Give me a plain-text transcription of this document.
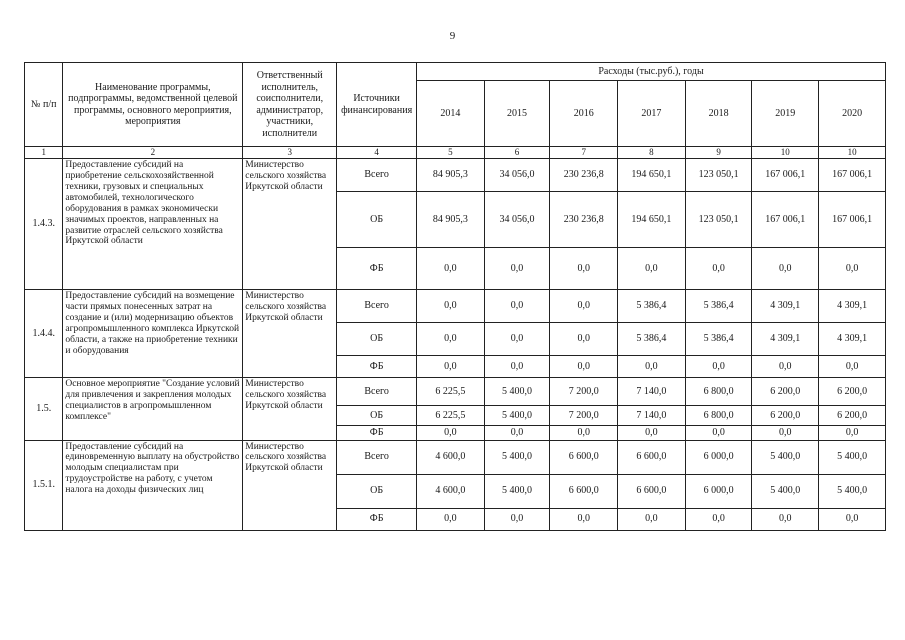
9
№ п/п	Наименование программы, подпрограммы, ведомственной целевой программы, основного мероприятия, мероприятия	Ответственный исполнитель, соисполнители, администратор, участники, исполнители	Источники финансирования	Расходы (тыс.руб.), годы						
				2014	2015	2016	2017	2018	2019	2020
1	2	3	4	5	6	7	8	9	10	10
1.4.3.	Предоставление субсидий на приобретение сельскохозяйственной техники, грузовых и специальных автомобилей, технологического оборудования в рамках экономически значимых проектов, направленных на развитие отраслей сельского хозяйства Иркутской области	Министерство сельского хозяйства Иркутской области	Всего	84 905,3	34 056,0	230 236,8	194 650,1	123 050,1	167 006,1	167 006,1
			ОБ	84 905,3	34 056,0	230 236,8	194 650,1	123 050,1	167 006,1	167 006,1
			ФБ	0,0	0,0	0,0	0,0	0,0	0,0	0,0
1.4.4.	Предоставление субсидий на возмещение части прямых понесенных затрат на создание и (или) модернизацию объектов агропромышленного комплекса Иркутской области, а также на приобретение техники и оборудования	Министерство сельского хозяйства Иркутской области	Всего	0,0	0,0	0,0	5 386,4	5 386,4	4 309,1	4 309,1
			ОБ	0,0	0,0	0,0	5 386,4	5 386,4	4 309,1	4 309,1
			ФБ	0,0	0,0	0,0	0,0	0,0	0,0	0,0
1.5.	Основное мероприятие "Создание условий для привлечения и закрепления молодых специалистов в агропромышленном комплексе"	Министерство сельского хозяйства Иркутской области	Всего	6 225,5	5 400,0	7 200,0	7 140,0	6 800,0	6 200,0	6 200,0
			ОБ	6 225,5	5 400,0	7 200,0	7 140,0	6 800,0	6 200,0	6 200,0
			ФБ	0,0	0,0	0,0	0,0	0,0	0,0	0,0
1.5.1.	Предоставление субсидий на единовременную выплату на обустройство молодым специалистам при трудоустройстве на работу, с учетом налога на доходы физических лиц	Министерство сельского хозяйства Иркутской области	Всего	4 600,0	5 400,0	6 600,0	6 600,0	6 000,0	5 400,0	5 400,0
			ОБ	4 600,0	5 400,0	6 600,0	6 600,0	6 000,0	5 400,0	5 400,0
			ФБ	0,0	0,0	0,0	0,0	0,0	0,0	0,0
